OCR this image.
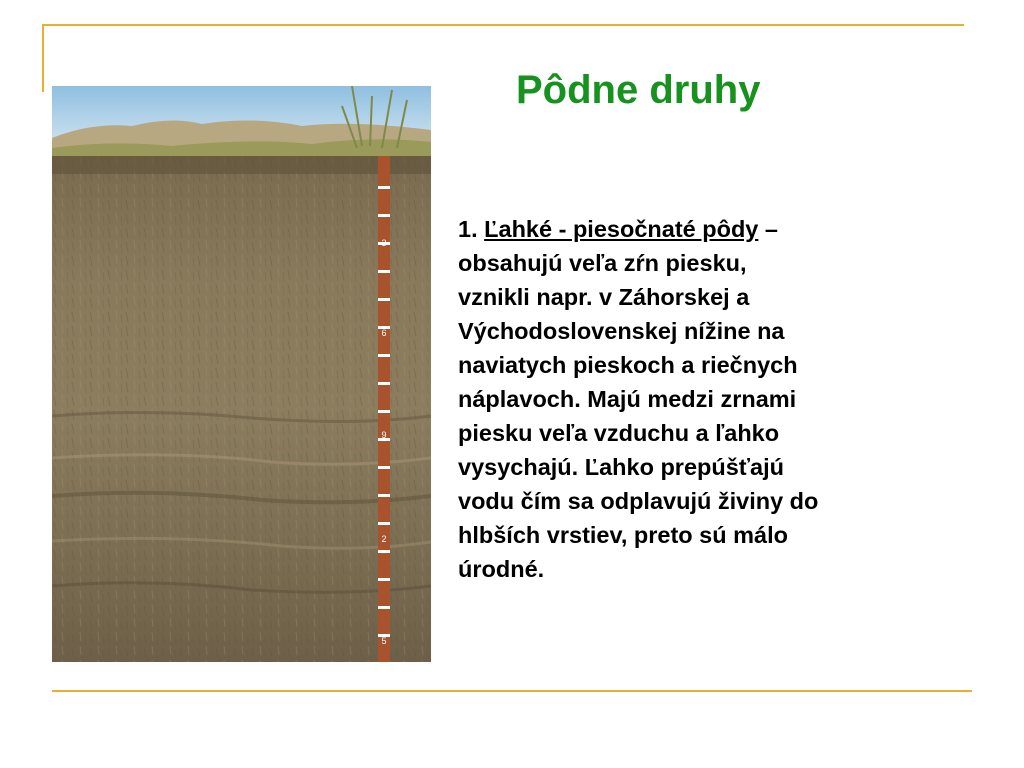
Pôdne druhy
3
6
9
2
5
1. Ľahké - piesočnaté pôdy –
obsahujú veľa zŕn piesku,
vznikli napr. v Záhorskej a
Východoslovenskej nížine na
naviatych pieskoch a riečnych
náplavoch. Majú medzi zrnami
piesku veľa vzduchu a ľahko
vysychajú. Ľahko prepúšťajú
vodu čím sa odplavujú živiny do
hlbších vrstiev, preto sú málo
úrodné.
